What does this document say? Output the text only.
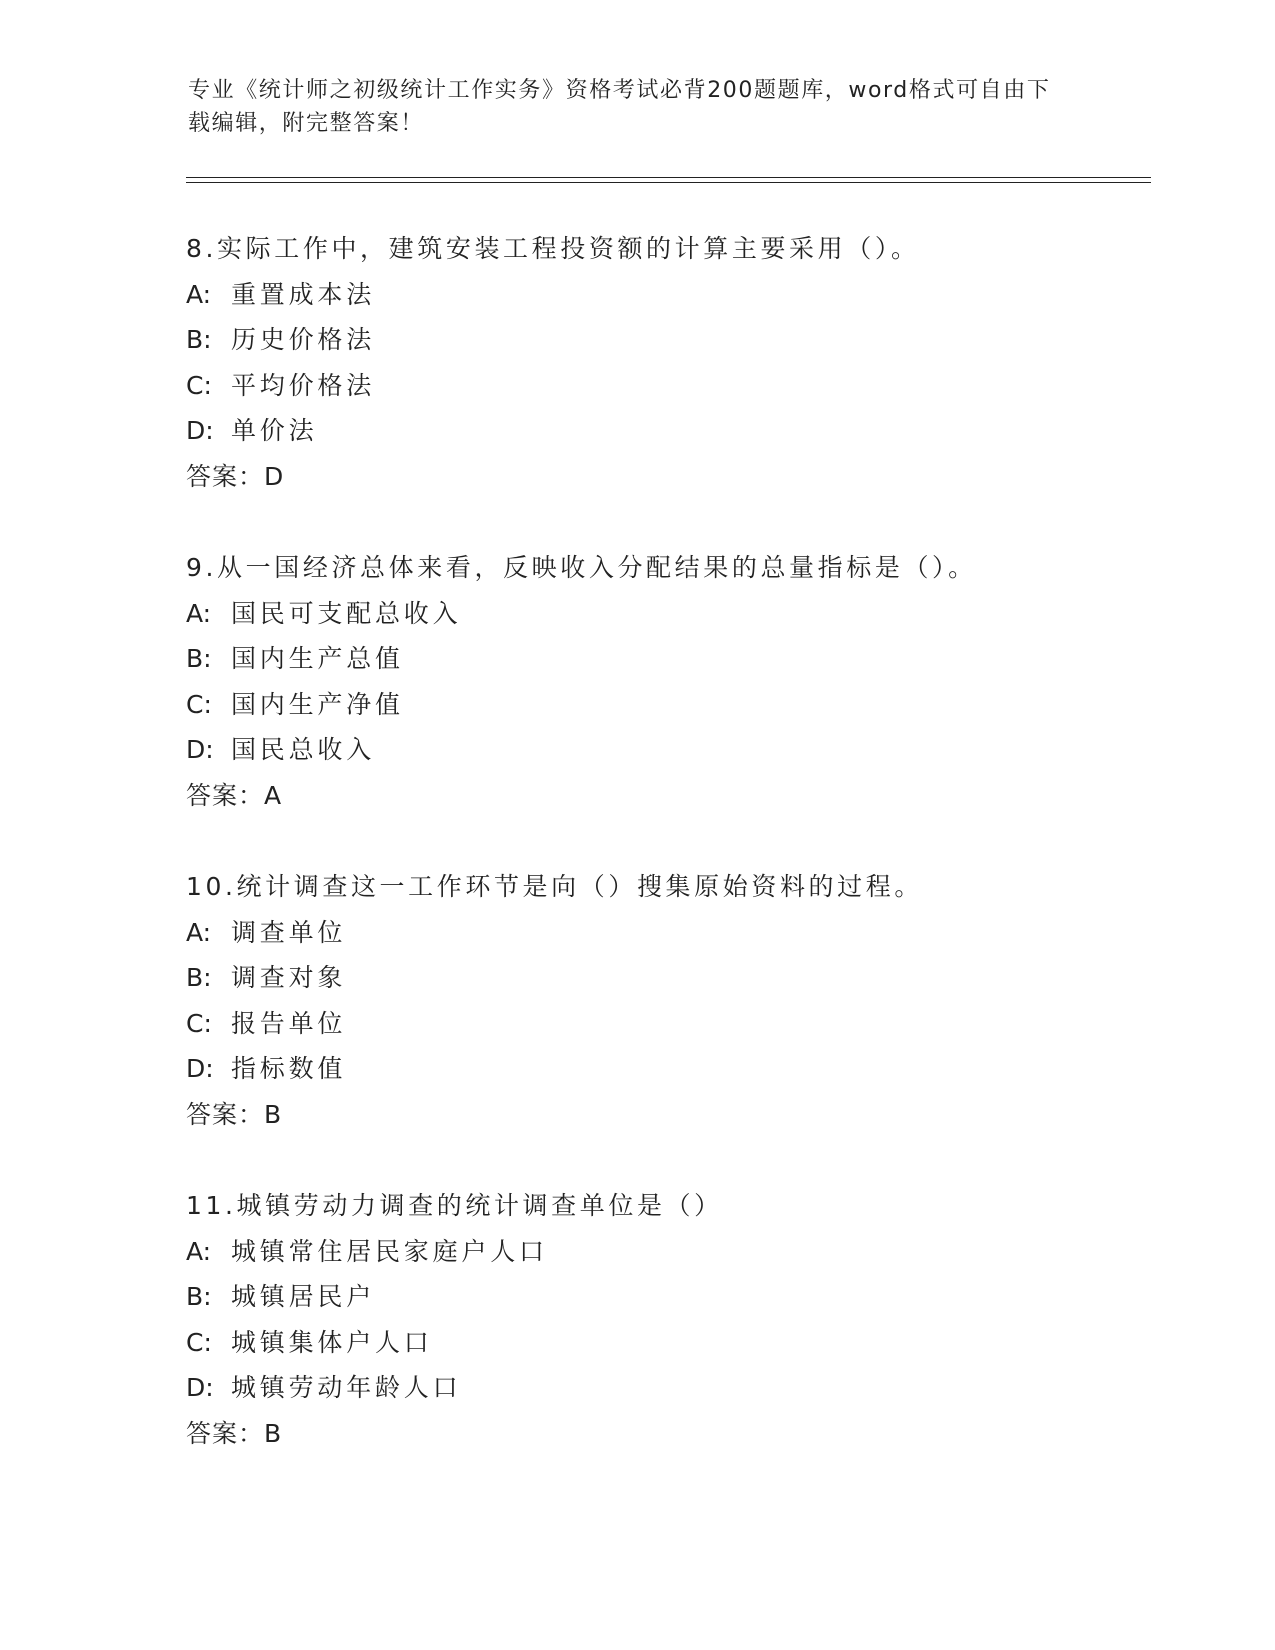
专业《统计师之初级统计工作实务》资格考试必背200题题库，word格式可自由下载编辑，附完整答案！
8.实际工作中，建筑安装工程投资额的计算主要采用（）。
A: 重置成本法
B: 历史价格法
C: 平均价格法
D: 单价法
答案：D
9.从一国经济总体来看，反映收入分配结果的总量指标是（）。
A: 国民可支配总收入
B: 国内生产总值
C: 国内生产净值
D: 国民总收入
答案：A
10.统计调查这一工作环节是向（）搜集原始资料的过程。
A: 调查单位
B: 调查对象
C: 报告单位
D: 指标数值
答案：B
11.城镇劳动力调查的统计调查单位是（）
A: 城镇常住居民家庭户人口
B: 城镇居民户
C: 城镇集体户人口
D: 城镇劳动年龄人口
答案：B
